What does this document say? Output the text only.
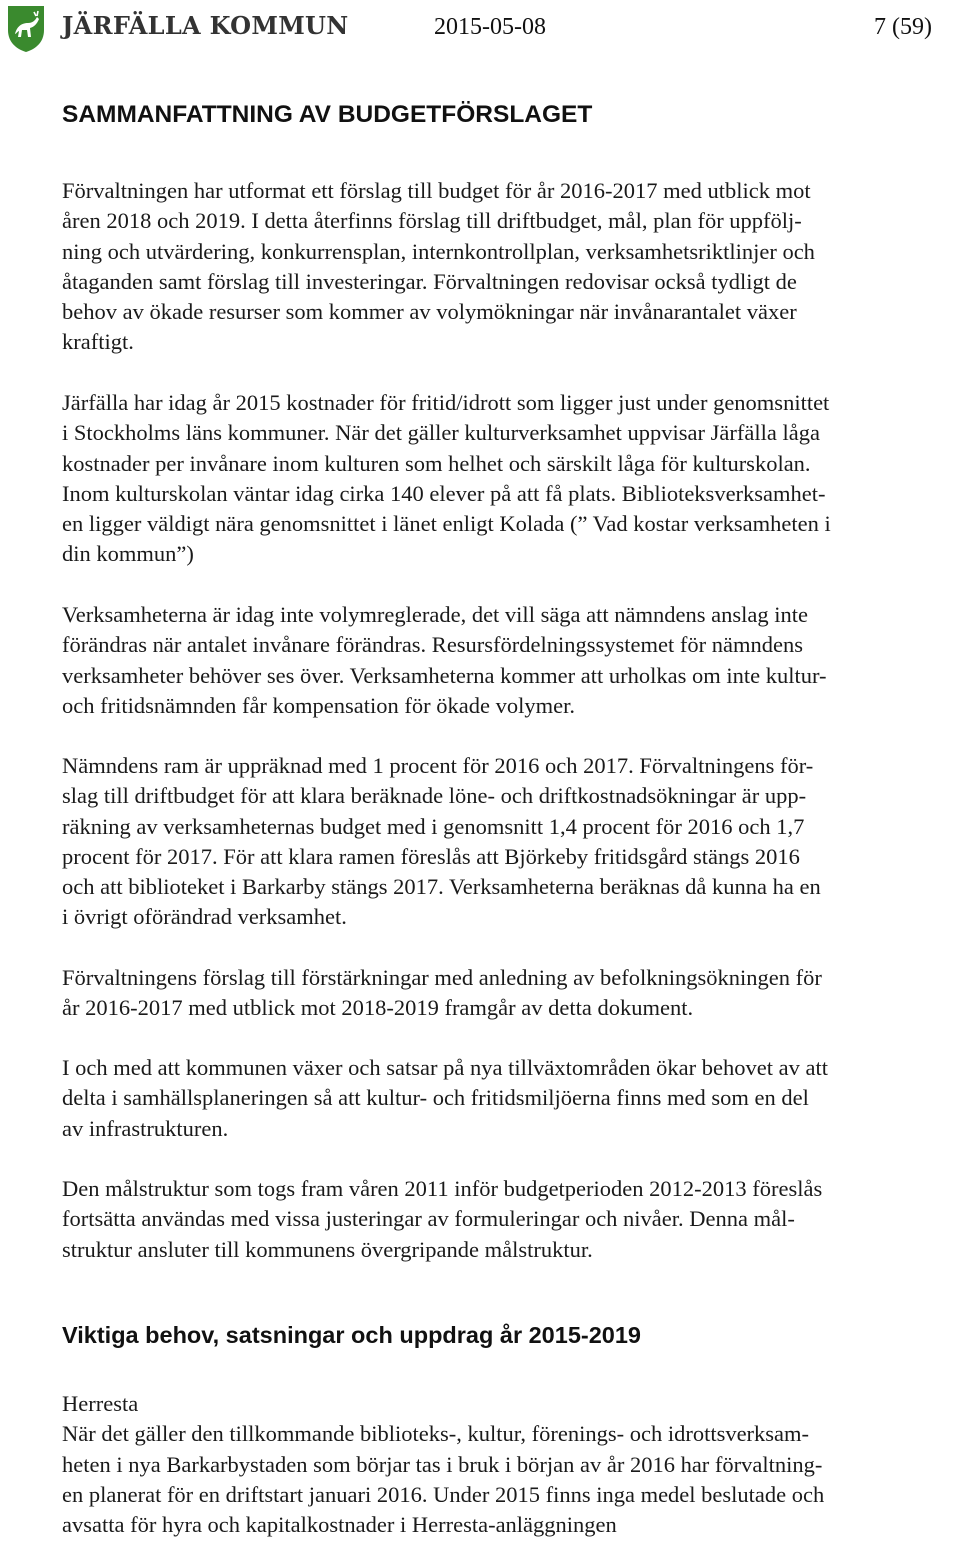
JÄRFÄLLA KOMMUN	2015-05-08	7 (59)
SAMMANFATTNING AV BUDGETFÖRSLAGET
Förvaltningen har utformat ett förslag till budget för år 2016-2017 med utblick mot
åren 2018 och 2019. I detta återfinns förslag till driftbudget, mål, plan för uppfölj-
ning och utvärdering, konkurrensplan, internkontrollplan, verksamhetsriktlinjer och
åtaganden samt förslag till investeringar. Förvaltningen redovisar också tydligt de
behov av ökade resurser som kommer av volymökningar när invånarantalet växer
kraftigt.
Järfälla har idag år 2015 kostnader för fritid/idrott som ligger just under genomsnittet
i Stockholms läns kommuner. När det gäller kulturverksamhet uppvisar Järfälla låga
kostnader per invånare inom kulturen som helhet och särskilt låga för kulturskolan.
Inom kulturskolan väntar idag cirka 140 elever på att få plats. Biblioteksverksamhet-
en ligger väldigt nära genomsnittet i länet enligt Kolada (” Vad kostar verksamheten i
din kommun”)
Verksamheterna är idag inte volymreglerade, det vill säga att nämndens anslag inte
förändras när antalet invånare förändras. Resursfördelningssystemet för nämndens
verksamheter behöver ses över. Verksamheterna kommer att urholkas om inte kultur-
och fritidsnämnden får kompensation för ökade volymer.
Nämndens ram är uppräknad med 1 procent för 2016 och 2017. Förvaltningens för-
slag till driftbudget för att klara beräknade löne- och driftkostnadsökningar är upp-
räkning av verksamheternas budget med i genomsnitt 1,4 procent för 2016 och 1,7
procent för 2017. För att klara ramen föreslås att Björkeby fritidsgård stängs 2016
och att biblioteket i Barkarby stängs 2017. Verksamheterna beräknas då kunna ha en
i övrigt oförändrad verksamhet.
Förvaltningens förslag till förstärkningar med anledning av befolkningsökningen för
år 2016-2017 med utblick mot 2018-2019 framgår av detta dokument.
I och med att kommunen växer och satsar på nya tillväxtområden ökar behovet av att
delta i samhällsplaneringen så att kultur- och fritidsmiljöerna finns med som en del
av infrastrukturen.
Den målstruktur som togs fram våren 2011 inför budgetperioden 2012-2013 föreslås
fortsätta användas med vissa justeringar av formuleringar och nivåer. Denna mål-
struktur ansluter till kommunens övergripande målstruktur.
Viktiga behov, satsningar och uppdrag år 2015-2019
Herresta
När det gäller den tillkommande biblioteks-, kultur, förenings- och idrottsverksam-
heten i nya Barkarbystaden som börjar tas i bruk i början av år 2016 har förvaltning-
en planerat för en driftstart januari 2016. Under 2015 finns inga medel beslutade och
avsatta för hyra och kapitalkostnader i Herresta-anläggningen
